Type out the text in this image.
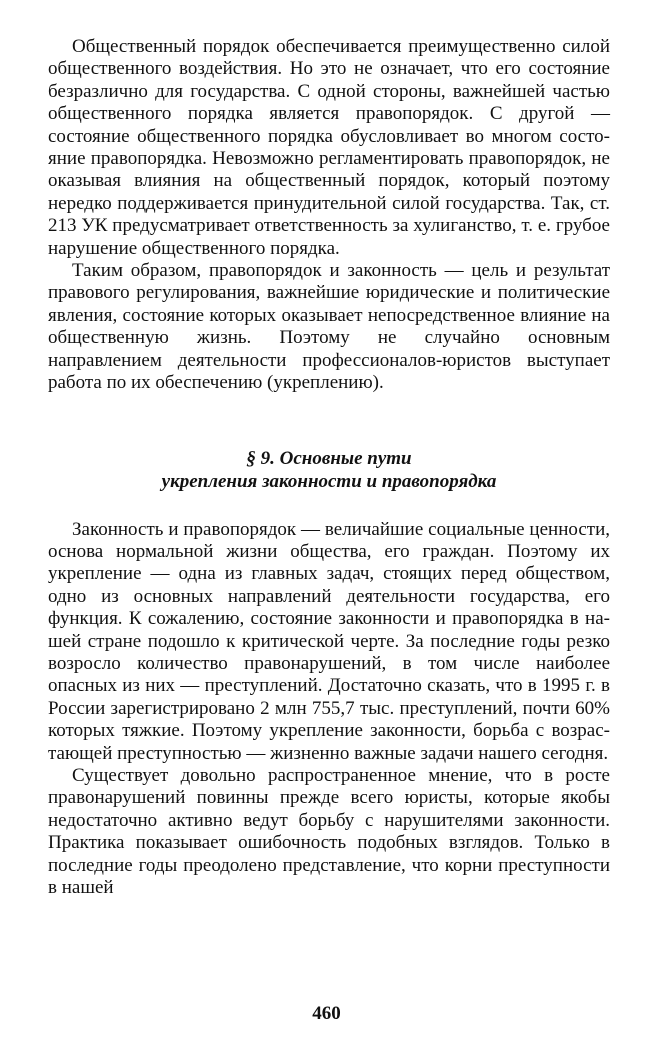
Общественный порядок обеспечивается преимущественно силой общественного воздействия. Но это не означает, что его состояние безразлично для государства. С одной стороны, важнейшей частью общественного порядка является правопорядок. С другой — состояние общественного порядка обусловливает во многом состояние правопорядка. Невозможно регламентировать правопорядок, не оказывая влияния на общественный порядок, который поэтому нередко поддерживается принудительной силой государства. Так, ст. 213 УК предусматривает ответственность за хулиганство, т. е. грубое нарушение общественного порядка.

Таким образом, правопорядок и законность — цель и результат правового регулирования, важнейшие юридические и политические явления, состояние которых оказывает непосредственное влияние на общественную жизнь. Поэтому не случайно основным направлением деятельности профессионалов-юристов выступает работа по их обеспечению (укреплению).

§ 9. Основные пути
укрепления законности и правопорядка

Законность и правопорядок — величайшие социальные ценности, основа нормальной жизни общества, его граждан. Поэтому их укрепление — одна из главных задач, стоящих перед обществом, одно из основных направлений деятельности государства, его функция. К сожалению, состояние законности и правопорядка в нашей стране подошло к критической черте. За последние годы резко возросло количество правонарушений, в том числе наиболее опасных из них — преступлений. Достаточно сказать, что в 1995 г. в России зарегистрировано 2 млн 755,7 тыс. преступлений, почти 60% которых тяжкие. Поэтому укрепление законности, борьба с возрастающей преступностью — жизненно важные задачи нашего сегодня.

Существует довольно распространенное мнение, что в росте правонарушений повинны прежде всего юристы, которые якобы недостаточно активно ведут борьбу с нарушителями законности. Практика показывает ошибочность подобных взглядов. Только в последние годы преодолено представление, что корни преступности в нашей

460
